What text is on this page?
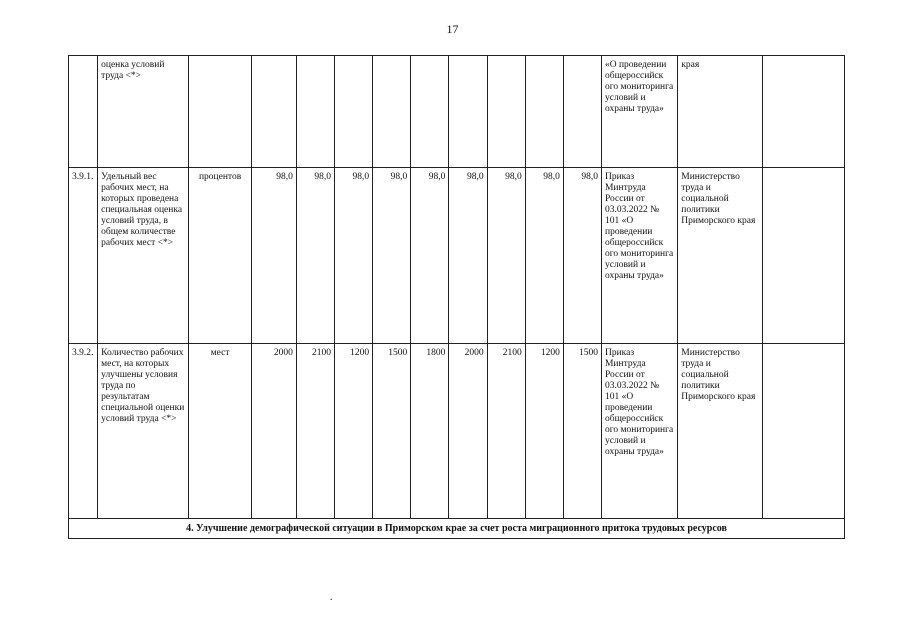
17
	оценка условий труда <*>											«О проведении общероссийск ого мониторинга условий и охраны труда»	края	
3.9.1.	Удельный вес рабочих мест, на которых проведена специальная оценка условий труда, в общем количестве рабочих мест <*>	процентов	98,0	98,0	98,0	98,0	98,0	98,0	98,0	98,0	98,0	Приказ Минтруда России от 03.03.2022 № 101 «О проведении общероссийск ого мониторинга условий и охраны труда»	Министерство труда и социальной политики Приморского края	
3.9.2.	Количество рабочих мест, на которых улучшены условия труда по результатам специальной оценки условий труда <*>	мест	2000	2100	1200	1500	1800	2000	2100	1200	1500	Приказ Минтруда России от 03.03.2022 № 101 «О проведении общероссийск ого мониторинга условий и охраны труда»	Министерство труда и социальной политики Приморского края	
4. Улучшение демографической ситуации в Приморском крае за счет роста миграционного притока трудовых ресурсов														
.
